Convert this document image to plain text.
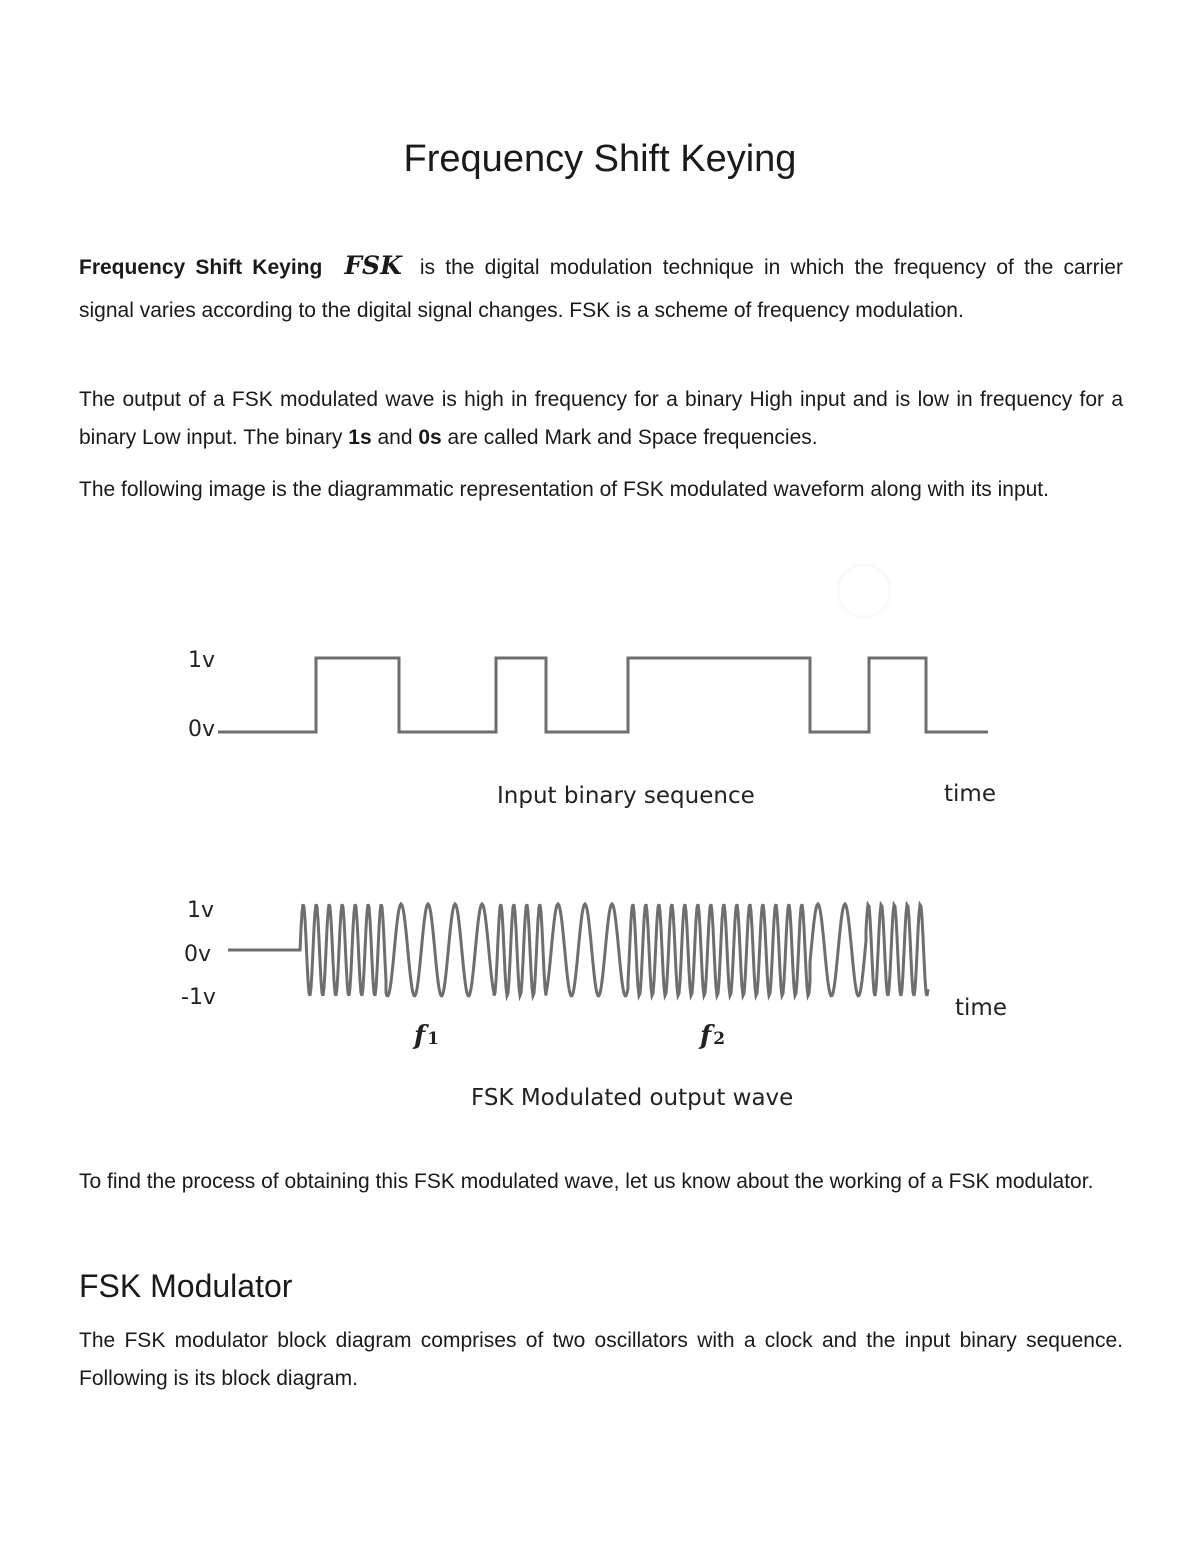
Frequency Shift Keying

Frequency Shift Keying FSK is the digital modulation technique in which the frequency of the carrier signal varies according to the digital signal changes. FSK is a scheme of frequency modulation.

The output of a FSK modulated wave is high in frequency for a binary High input and is low in frequency for a binary Low input. The binary 1s and 0s are called Mark and Space frequencies.

The following image is the diagrammatic representation of FSK modulated waveform along with its input.

1v
0v
Input binary sequence	time
1v
0v
-1v
f 1	f 2
FSK Modulated output wave
time

To find the process of obtaining this FSK modulated wave, let us know about the working of a FSK modulator.

FSK Modulator

The FSK modulator block diagram comprises of two oscillators with a clock and the input binary sequence. Following is its block diagram.
